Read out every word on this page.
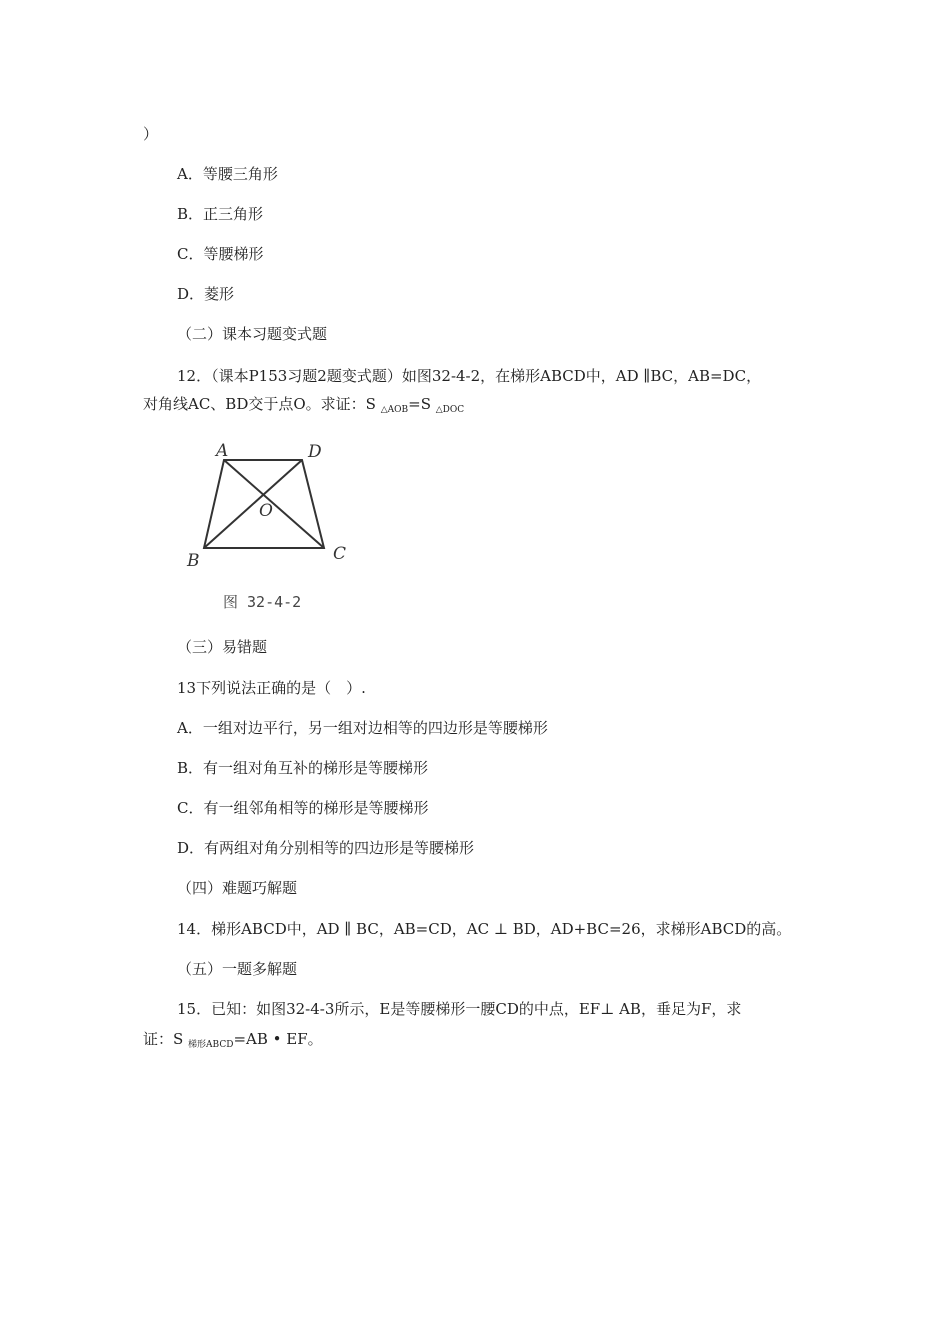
）
A．等腰三角形
B．正三角形
C．等腰梯形
D．菱形
（二）课本习题变式题
12．（课本P153习题2题变式题）如图32-4-2，在梯形ABCD中，AD ∥BC，AB=DC，
对角线AC、BD交于点O。求证：S $_{\triangle AOB}$=S $_{\triangle DOC}$
A	D
O
B	C
图 32-4-2
（三）易错题
13下列说法正确的是（　）.
A．一组对边平行，另一组对边相等的四边形是等腰梯形
B．有一组对角互补的梯形是等腰梯形
C．有一组邻角相等的梯形是等腰梯形
D．有两组对角分别相等的四边形是等腰梯形
（四）难题巧解题
14．梯形ABCD中，AD ∥ BC，AB=CD，AC ⊥ BD，AD+BC=26，求梯形ABCD的高。
（五）一题多解题
15．已知：如图32-4-3所示，E是等腰梯形一腰CD的中点，EF⊥ AB，垂足为F，求
证：S $_{梯形ABCD}$=AB • EF。
